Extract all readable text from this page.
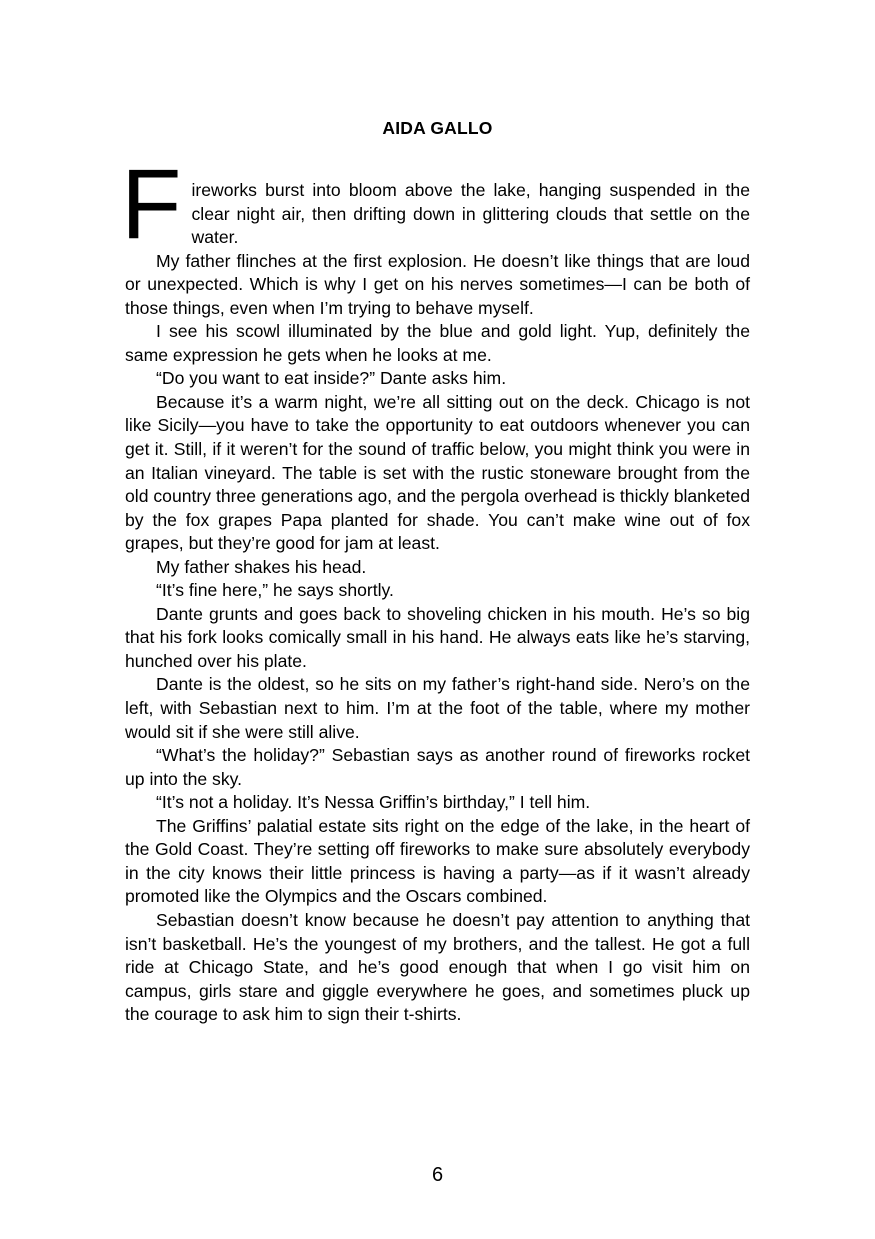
AIDA GALLO

Fireworks burst into bloom above the lake, hanging suspended in the clear night air, then drifting down in glittering clouds that settle on the water.

My father flinches at the first explosion. He doesn’t like things that are loud or unexpected. Which is why I get on his nerves sometimes—I can be both of those things, even when I’m trying to behave myself.

I see his scowl illuminated by the blue and gold light. Yup, definitely the same expression he gets when he looks at me.

“Do you want to eat inside?” Dante asks him.

Because it’s a warm night, we’re all sitting out on the deck. Chicago is not like Sicily—you have to take the opportunity to eat outdoors whenever you can get it. Still, if it weren’t for the sound of traffic below, you might think you were in an Italian vineyard. The table is set with the rustic stoneware brought from the old country three generations ago, and the pergola overhead is thickly blanketed by the fox grapes Papa planted for shade. You can’t make wine out of fox grapes, but they’re good for jam at least.

My father shakes his head.

“It’s fine here,” he says shortly.

Dante grunts and goes back to shoveling chicken in his mouth. He’s so big that his fork looks comically small in his hand. He always eats like he’s starving, hunched over his plate.

Dante is the oldest, so he sits on my father’s right-hand side. Nero’s on the left, with Sebastian next to him. I’m at the foot of the table, where my mother would sit if she were still alive.

“What’s the holiday?” Sebastian says as another round of fireworks rocket up into the sky.

“It’s not a holiday. It’s Nessa Griffin’s birthday,” I tell him.

The Griffins’ palatial estate sits right on the edge of the lake, in the heart of the Gold Coast. They’re setting off fireworks to make sure absolutely everybody in the city knows their little princess is having a party—as if it wasn’t already promoted like the Olympics and the Oscars combined.

Sebastian doesn’t know because he doesn’t pay attention to anything that isn’t basketball. He’s the youngest of my brothers, and the tallest. He got a full ride at Chicago State, and he’s good enough that when I go visit him on campus, girls stare and giggle everywhere he goes, and sometimes pluck up the courage to ask him to sign their t-shirts.

6
